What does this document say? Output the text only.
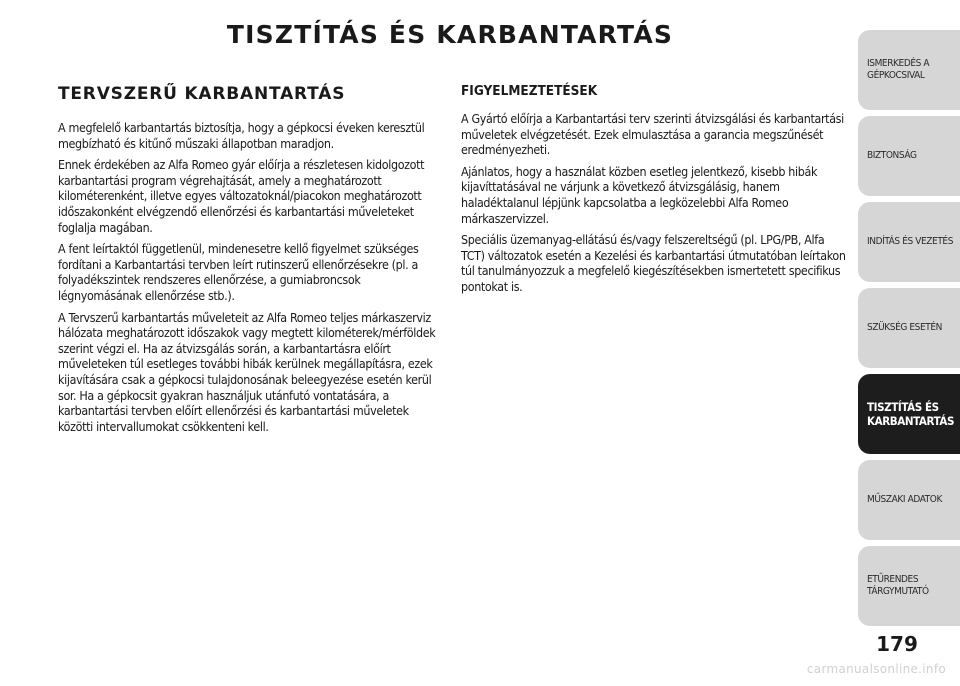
TISZTÍTÁS ÉS KARBANTARTÁS
TERVSZERŰ KARBANTARTÁS

A megfelelő karbantartás biztosítja, hogy a gépkocsi éveken keresztül megbízható és kitűnő műszaki állapotban maradjon.

Ennek érdekében az Alfa Romeo gyár előírja a részletesen kidolgozott karbantartási program végrehajtását, amely a meghatározott kilométerenként, illetve egyes változatoknál/piacokon meghatározott időszakonként elvégzendő ellenőrzési és karbantartási műveleteket foglalja magában.

A fent leírtaktól függetlenül, mindenesetre kellő figyelmet szükséges fordítani a Karbantartási tervben leírt rutinszerű ellenőrzésekre (pl. a folyadékszintek rendszeres ellenőrzése, a gumiabroncsok légnyomásának ellenőrzése stb.).

A Tervszerű karbantartás műveleteit az Alfa Romeo teljes márkaszerviz hálózata meghatározott időszakok vagy megtett kilométerek/mérföldek szerint végzi el. Ha az átvizsgálás során, a karbantartásra előírt műveleteken túl esetleges további hibák kerülnek megállapításra, ezek kijavítására csak a gépkocsi tulajdonosának beleegyezése esetén kerül sor. Ha a gépkocsit gyakran használjuk utánfutó vontatására, a karbantartási tervben előírt ellenőrzési és karbantartási műveletek közötti intervallumokat csökkenteni kell.

FIGYELMEZTETÉSEK

A Gyártó előírja a Karbantartási terv szerinti átvizsgálási és karbantartási műveletek elvégzetését. Ezek elmulasztása a garancia megszűnését eredményezheti.

Ajánlatos, hogy a használat közben esetleg jelentkező, kisebb hibák kijavíttatásával ne várjunk a következő átvizsgálásig, hanem haladéktalanul lépjünk kapcsolatba a legközelebbi Alfa Romeo márkaszervizzel.

Speciális üzemanyag-ellátású és/vagy felszereltségű (pl. LPG/PB, Alfa TCT) változatok esetén a Kezelési és karbantartási útmutatóban leírtakon túl tanulmányozzuk a megfelelő kiegészítésekben ismertetett specifikus pontokat is.

ISMERKEDÉS A GÉPKOCSIVAL
BIZTONSÁG
INDÍTÁS ÉS VEZETÉS
SZÜKSÉG ESETÉN
TISZTÍTÁS ÉS KARBANTARTÁS
MŰSZAKI ADATOK
ETŰRENDES TÁRGYMUTATÓ
179
carmanualsonline.info
